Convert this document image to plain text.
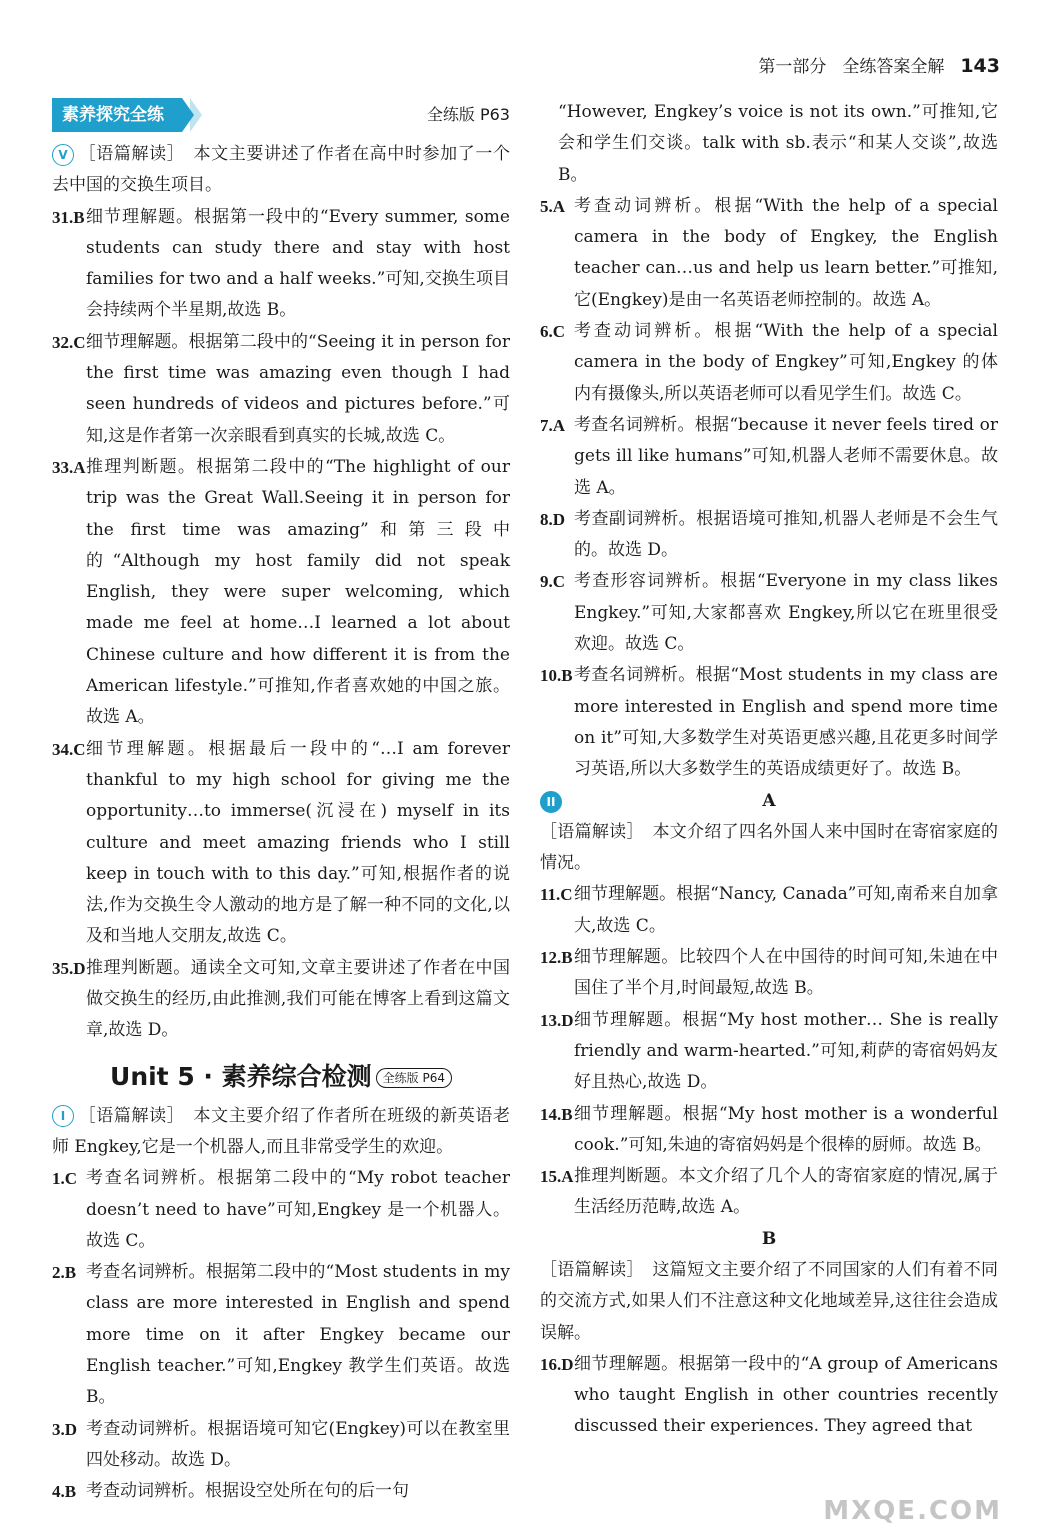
第一部分 全练答案全解 143
素养探究全练	全练版 P63

V ［语篇解读］　本文主要讲述了作者在高中时参加了一个去中国的交换生项目。

31.B 细节理解题。根据第一段中的“Every summer, some students can study there and stay with host families for two and a half weeks.”可知,交换生项目会持续两个半星期,故选 B。
32.C 细节理解题。根据第二段中的“Seeing it in person for the first time was amazing even though I had seen hundreds of videos and pictures before.”可知,这是作者第一次亲眼看到真实的长城,故选 C。
33.A 推理判断题。根据第二段中的“The highlight of our trip was the Great Wall.Seeing it in person for the first time was amazing”和第三段中的“Although my host family did not speak English, they were super welcoming, which made me feel at home…I learned a lot about Chinese culture and how different it is from the American lifestyle.”可推知,作者喜欢她的中国之旅。故选 A。
34.C 细节理解题。根据最后一段中的“…I am forever thankful to my high school for giving me the opportunity…to immerse(沉浸在) myself in its culture and meet amazing friends who I still keep in touch with to this day.”可知,根据作者的说法,作为交换生令人激动的地方是了解一种不同的文化,以及和当地人交朋友,故选 C。
35.D 推理判断题。通读全文可知,文章主要讲述了作者在中国做交换生的经历,由此推测,我们可能在博客上看到这篇文章,故选 D。
Unit 5 · 素养综合检测 全练版 P64

I ［语篇解读］　本文主要介绍了作者所在班级的新英语老师 Engkey,它是一个机器人,而且非常受学生的欢迎。

1.C 考查名词辨析。根据第二段中的“My robot teacher doesn’t need to have”可知,Engkey 是一个机器人。故选 C。
2.B 考查名词辨析。根据第二段中的“Most students in my class are more interested in English and spend more time on it after Engkey became our English teacher.”可知,Engkey 教学生们英语。故选 B。
3.D 考查动词辨析。根据语境可知它(Engkey)可以在教室里四处移动。故选 D。
4.B 考查动词辨析。根据设空处所在句的后一句

“However, Engkey’s voice is not its own.”可推知,它会和学生们交谈。talk with sb.表示“和某人交谈”,故选 B。

5.A 考查动词辨析。根据“With the help of a special camera in the body of Engkey, the English teacher can…us and help us learn better.”可推知,它(Engkey)是由一名英语老师控制的。故选 A。
6.C 考查动词辨析。根据“With the help of a special camera in the body of Engkey”可知,Engkey 的体内有摄像头,所以英语老师可以看见学生们。故选 C。
7.A 考查名词辨析。根据“because it never feels tired or gets ill like humans”可知,机器人老师不需要休息。故选 A。
8.D 考查副词辨析。根据语境可推知,机器人老师是不会生气的。故选 D。
9.C 考查形容词辨析。根据“Everyone in my class likes Engkey.”可知,大家都喜欢 Engkey,所以它在班里很受欢迎。故选 C。
10.B 考查名词辨析。根据“Most students in my class are more interested in English and spend more time on it”可知,大多数学生对英语更感兴趣,且花更多时间学习英语,所以大多数学生的英语成绩更好了。故选 B。
II	A

［语篇解读］　本文介绍了四名外国人来中国时在寄宿家庭的情况。

11.C 细节理解题。根据“Nancy, Canada”可知,南希来自加拿大,故选 C。
12.B 细节理解题。比较四个人在中国待的时间可知,朱迪在中国住了半个月,时间最短,故选 B。
13.D 细节理解题。根据“My host mother… She is really friendly and warm-hearted.”可知,莉萨的寄宿妈妈友好且热心,故选 D。
14.B 细节理解题。根据“My host mother is a wonderful cook.”可知,朱迪的寄宿妈妈是个很棒的厨师。故选 B。
15.A 推理判断题。本文介绍了几个人的寄宿家庭的情况,属于生活经历范畴,故选 A。
B

［语篇解读］　这篇短文主要介绍了不同国家的人们有着不同的交流方式,如果人们不注意这种文化地域差异,这往往会造成误解。

16.D 细节理解题。根据第一段中的“A group of Americans who taught English in other countries recently discussed their experiences. They agreed that
MXQE.COM
